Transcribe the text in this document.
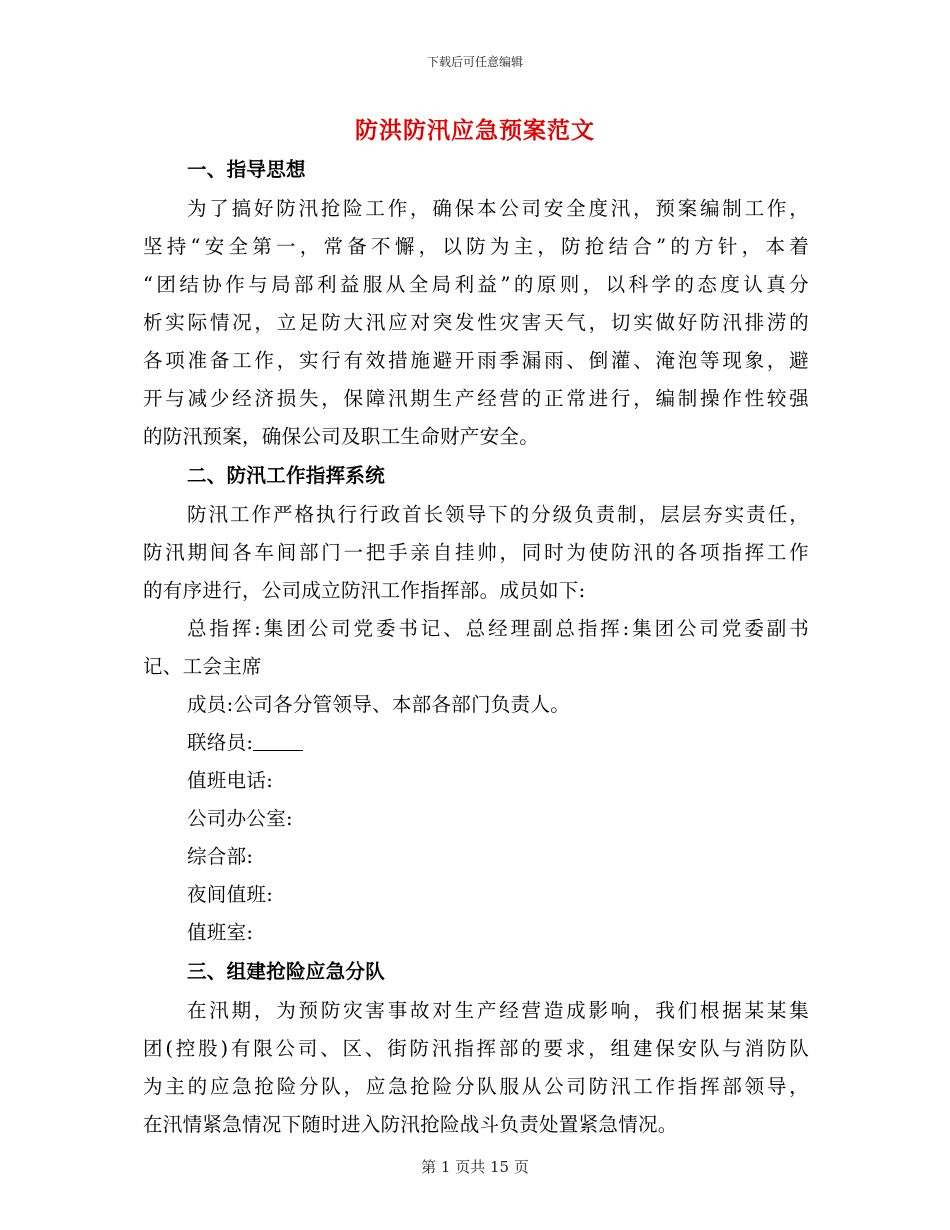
下载后可任意编辑
防洪防汛应急预案范文
一、指导思想
为了搞好防汛抢险工作，确保本公司安全度汛，预案编制工作，
坚持“安全第一，常备不懈，以防为主，防抢结合”的方针，本着
“团结协作与局部利益服从全局利益”的原则，以科学的态度认真分
析实际情况，立足防大汛应对突发性灾害天气，切实做好防汛排涝的
各项准备工作，实行有效措施避开雨季漏雨、倒灌、淹泡等现象，避
开与减少经济损失，保障汛期生产经营的正常进行，编制操作性较强
的防汛预案，确保公司及职工生命财产安全。
二、防汛工作指挥系统
防汛工作严格执行行政首长领导下的分级负责制，层层夯实责任，
防汛期间各车间部门一把手亲自挂帅，同时为使防汛的各项指挥工作
的有序进行，公司成立防汛工作指挥部。成员如下:
总指挥:集团公司党委书记、总经理副总指挥:集团公司党委副书
记、工会主席
成员:公司各分管领导、本部各部门负责人。
联络员:
值班电话:
公司办公室:
综合部:
夜间值班:
值班室:
三、组建抢险应急分队
在汛期，为预防灾害事故对生产经营造成影响，我们根据某某集
团(控股)有限公司、区、街防汛指挥部的要求，组建保安队与消防队
为主的应急抢险分队，应急抢险分队服从公司防汛工作指挥部领导，
在汛情紧急情况下随时进入防汛抢险战斗负责处置紧急情况。
第 1 页共 15 页
